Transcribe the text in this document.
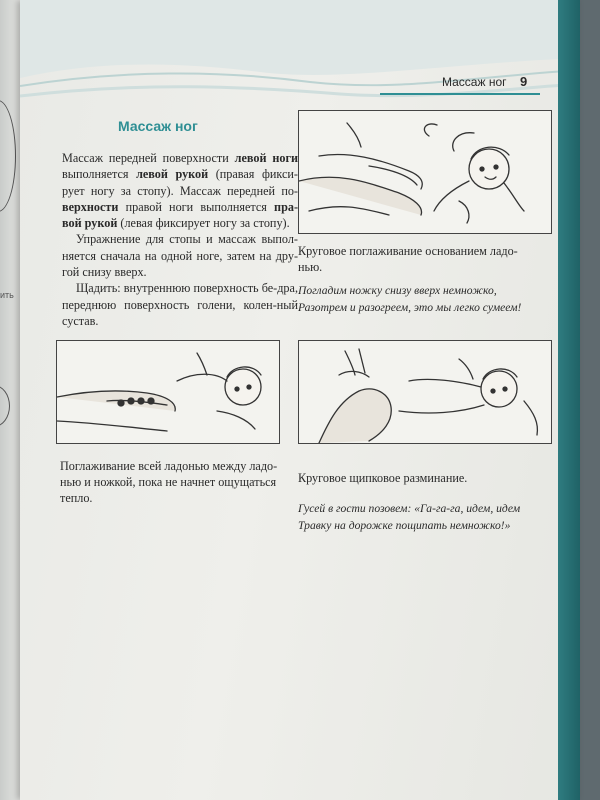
ить
Массаж ног 9
Массаж ног

Массаж передней поверхности левой ноги выполняется левой рукой (правая фикси-рует ногу за стопу). Массаж передней по-верхности правой ноги выполняется пра-вой рукой (левая фиксирует ногу за стопу).

Упражнение для стопы и массаж выпол-няется сначала на одной ноге, затем на дру-гой снизу вверх.

Щадить: внутреннюю поверхность бе-дра, переднюю поверхность голени, колен-ный сустав.

Круговое поглаживание основанием ладо-
нью.
Погладим ножку снизу вверх немножко,
Разотрем и разогреем, это мы легко сумеем!
Поглаживание всей ладонью между ладо-
нью и ножкой, пока не начнет ощущаться
тепло.
Круговое щипковое разминание.
Гусей в гости позовем: «Га-га-га, идем, идем
Травку на дорожке пощипать немножко!»
